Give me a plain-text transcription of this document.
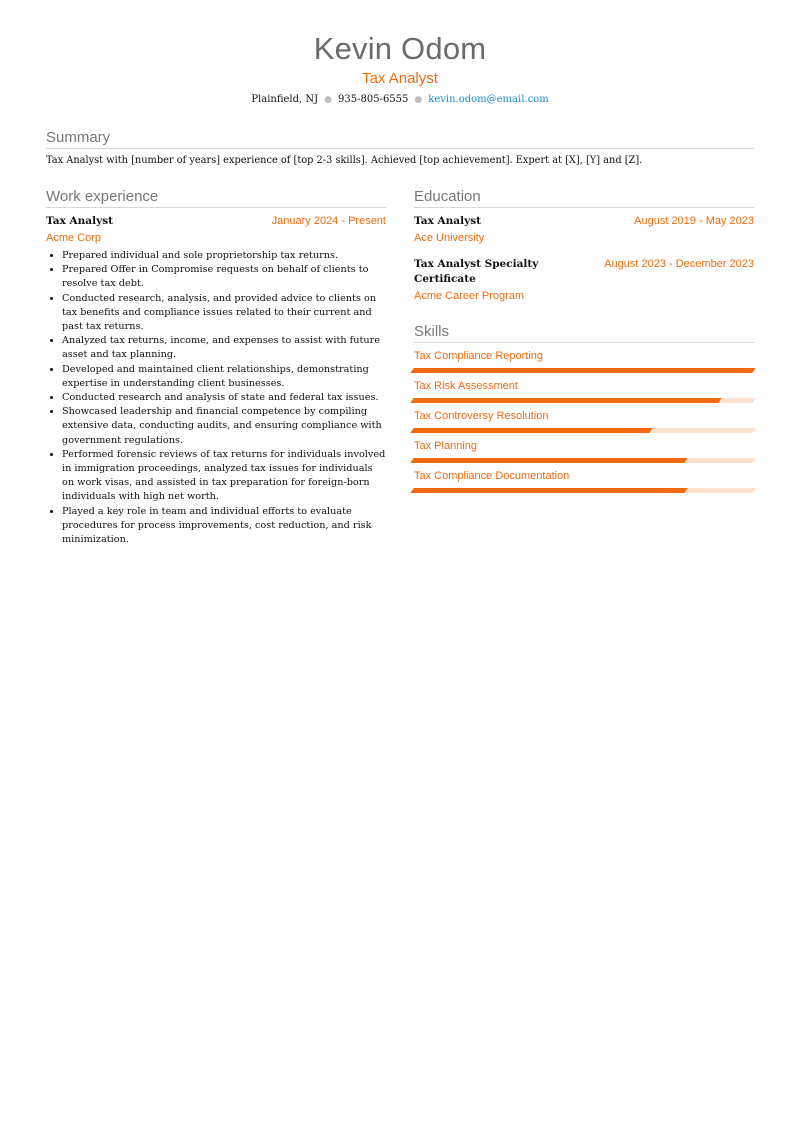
Kevin Odom
Tax Analyst
Plainfield, NJ ● 935-805-6555 ● kevin.odom@email.com
Summary
Tax Analyst with [number of years] experience of [top 2-3 skills]. Achieved [top achievement]. Expert at [X], [Y] and [Z].
Work experience
Tax Analyst	January 2024 - Present
Acme Corp
• Prepared individual and sole proprietorship tax returns.
• Prepared Offer in Compromise requests on behalf of clients to resolve tax debt.
• Conducted research, analysis, and provided advice to clients on tax benefits and compliance issues related to their current and past tax returns.
• Analyzed tax returns, income, and expenses to assist with future asset and tax planning.
• Developed and maintained client relationships, demonstrating expertise in understanding client businesses.
• Conducted research and analysis of state and federal tax issues.
• Showcased leadership and financial competence by compiling extensive data, conducting audits, and ensuring compliance with government regulations.
• Performed forensic reviews of tax returns for individuals involved in immigration proceedings, analyzed tax issues for individuals on work visas, and assisted in tax preparation for foreign-born individuals with high net worth.
• Played a key role in team and individual efforts to evaluate procedures for process improvements, cost reduction, and risk minimization.
Education
Tax Analyst	August 2019 - May 2023
Ace University
Tax Analyst Specialty Certificate
August 2023 - December 2023
Acme Career Program
Skills
Tax Compliance Reporting
Tax Risk Assessment
Tax Controversy Resolution
Tax Planning
Tax Compliance Documentation
